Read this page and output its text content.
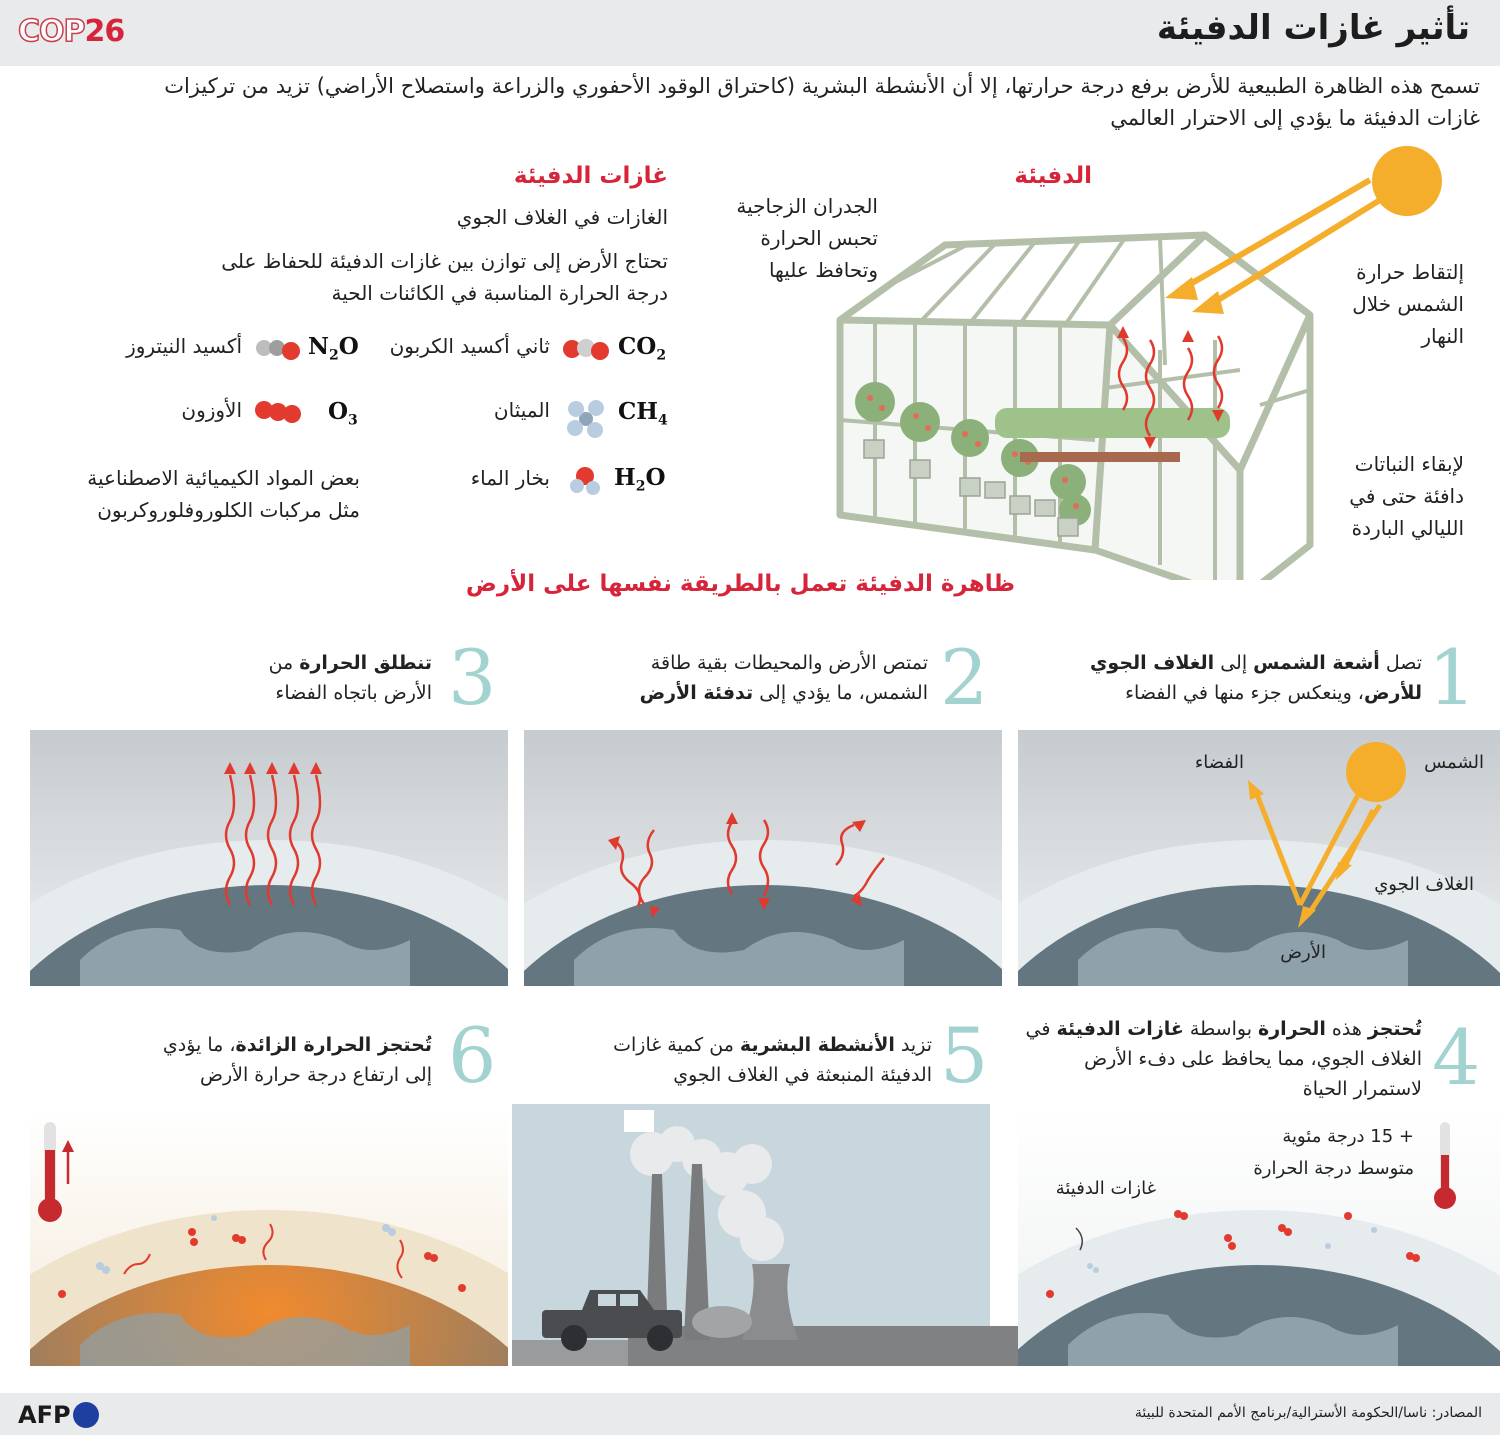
COP26	تأثير غازات الدفيئة
تسمح هذه الظاهرة الطبيعية للأرض برفع درجة حرارتها، إلا أن الأنشطة البشرية (كاحتراق الوقود الأحفوري والزراعة واستصلاح الأراضي) تزيد من تركيزات غازات الدفيئة ما يؤدي إلى الاحترار العالمي
الدفيئة
الجدران الزجاجية تحبس الحرارة وتحافظ عليها	إلتقاط حرارة الشمس خلال النهار
لإبقاء النباتات دافئة حتى في الليالي الباردة
غازات الدفيئة
الغازات في الغلاف الجوي
تحتاج الأرض إلى توازن بين غازات الدفيئة للحفاظ على درجة الحرارة المناسبة في الكائنات الحية
$CO_2$
ثاني أكسيد الكربون
$N_2O$
أكسيد النيتروز
$CH_4$
الميثان
$O_3$
الأوزون
$H_2O$
بخار الماء
بعض المواد الكيميائية الاصطناعية مثل مركبات الكلوروفلوروكربون
ظاهرة الدفيئة تعمل بالطريقة نفسها على الأرض
1
تصل أشعة الشمس إلى الغلاف الجوي للأرض، وينعكس جزء منها في الفضاء
2
تمتص الأرض والمحيطات بقية طاقة الشمس، ما يؤدي إلى تدفئة الأرض
3
تنطلق الحرارة من الأرض باتجاه الفضاء
الشمس
الفضاء
الغلاف الجوي
الأرض
4
تُحتجز هذه الحرارة بواسطة غازات الدفيئة في الغلاف الجوي، مما يحافظ على دفء الأرض لاستمرار الحياة
5
تزيد الأنشطة البشرية من كمية غازات الدفيئة المنبعثة في الغلاف الجوي
6
تُحتجز الحرارة الزائدة، ما يؤدي إلى ارتفاع درجة حرارة الأرض
+ 15 درجة مئوية
متوسط درجة الحرارة
غازات الدفيئة
AFP	المصادر: ناسا/الحكومة الأسترالية/برنامج الأمم المتحدة للبيئة
